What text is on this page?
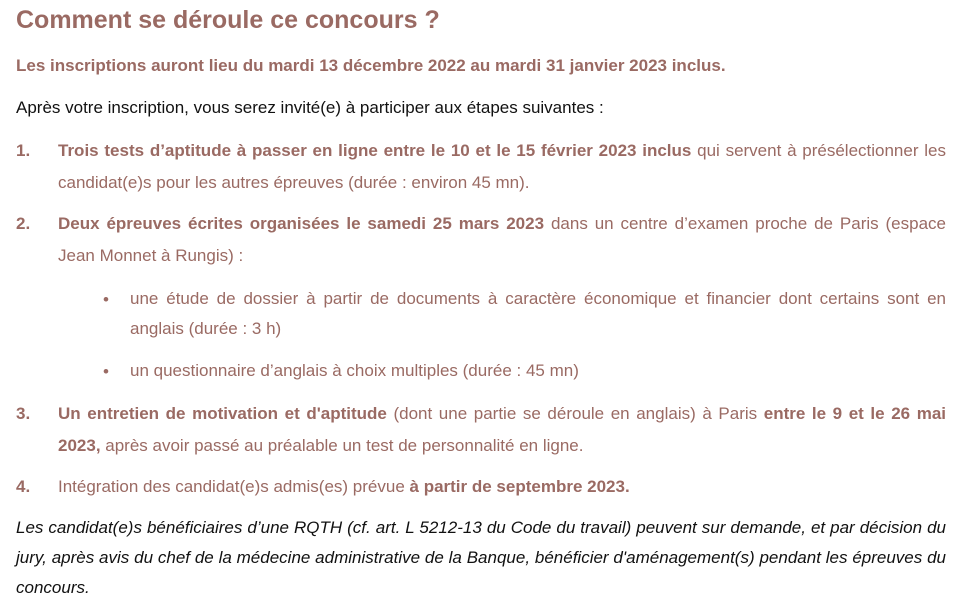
Comment se déroule ce concours ?
Les inscriptions auront lieu du mardi 13 décembre 2022 au mardi 31 janvier 2023 inclus.
Après votre inscription, vous serez invité(e) à participer aux étapes suivantes :
1. Trois tests d’aptitude à passer en ligne entre le 10 et le 15 février 2023 inclus qui servent à présélectionner les candidat(e)s pour les autres épreuves (durée : environ 45 mn).
2. Deux épreuves écrites organisées le samedi 25 mars 2023 dans un centre d’examen proche de Paris (espace Jean Monnet à Rungis) :
• une étude de dossier à partir de documents à caractère économique et financier dont certains sont en anglais (durée : 3 h)
• un questionnaire d’anglais à choix multiples (durée : 45 mn)
3. Un entretien de motivation et d'aptitude (dont une partie se déroule en anglais) à Paris entre le 9 et le 26 mai 2023, après avoir passé au préalable un test de personnalité en ligne.
4. Intégration des candidat(e)s admis(es) prévue à partir de septembre 2023.
Les candidat(e)s bénéficiaires d’une RQTH (cf. art. L 5212-13 du Code du travail) peuvent sur demande, et par décision du jury, après avis du chef de la médecine administrative de la Banque, bénéficier d'aménagement(s) pendant les épreuves du concours.
